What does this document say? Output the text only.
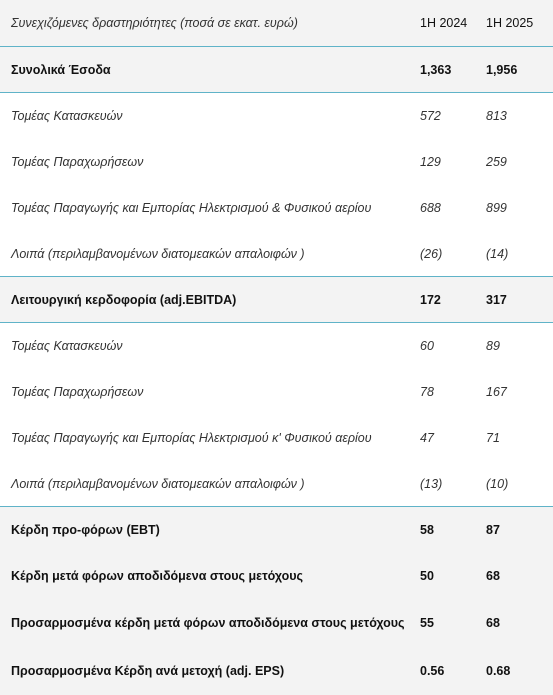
Συνεχιζόμενες δραστηριότητες (ποσά σε εκατ. ευρώ)	1H 2024	1H 2025
Συνολικά Έσοδα	1,363	1,956
Τομέας Κατασκευών	572	813
Τομέας Παραχωρήσεων	129	259
Τομέας Παραγωγής και Εμπορίας Ηλεκτρισμού & Φυσικού αερίου	688	899
Λοιπά (περιλαμβανομένων διατομεακών απαλοιφών )	(26)	(14)
Λειτουργική κερδοφορία (adj.EBITDA)	172	317
Τομέας Κατασκευών	60	89
Τομέας Παραχωρήσεων	78	167
Τομέας Παραγωγής και Εμπορίας Ηλεκτρισμού κ' Φυσικού αερίου	47	71
Λοιπά (περιλαμβανομένων διατομεακών απαλοιφών )	(13)	(10)
Κέρδη προ-φόρων (EBT)	58	87
Κέρδη μετά φόρων αποδιδόμενα στους μετόχους	50	68
Προσαρμοσμένα κέρδη μετά φόρων αποδιδόμενα στους μετόχους	55	68
Προσαρμοσμένα Κέρδη ανά μετοχή (adj. EPS)	0.56	0.68
